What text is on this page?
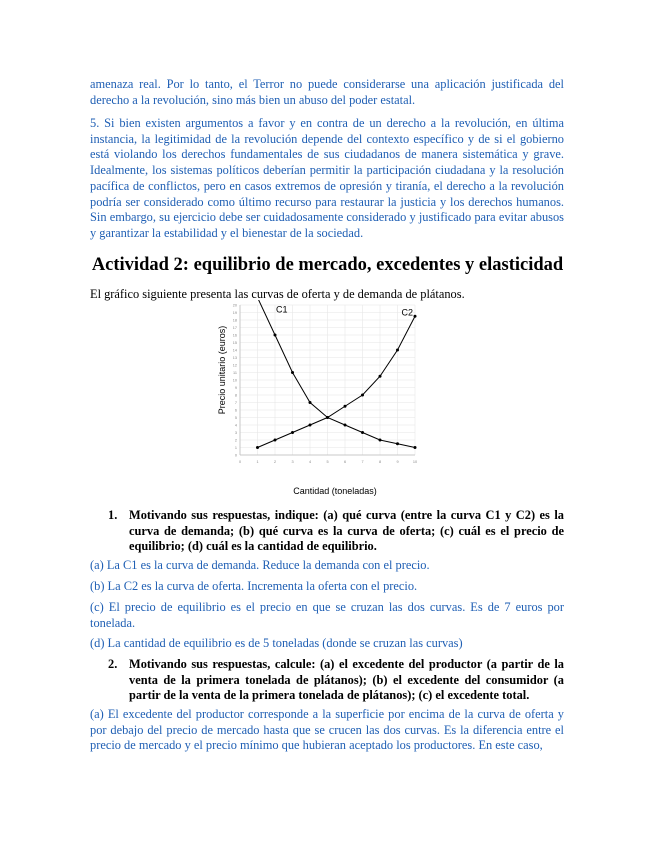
amenaza real. Por lo tanto, el Terror no puede considerarse una aplicación justificada del derecho a la revolución, sino más bien un abuso del poder estatal.

5. Si bien existen argumentos a favor y en contra de un derecho a la revolución, en última instancia, la legitimidad de la revolución depende del contexto específico y de si el gobierno está violando los derechos fundamentales de sus ciudadanos de manera sistemática y grave. Idealmente, los sistemas políticos deberían permitir la participación ciudadana y la resolución pacífica de conflictos, pero en casos extremos de opresión y tiranía, el derecho a la revolución podría ser considerado como último recurso para restaurar la justicia y los derechos humanos. Sin embargo, su ejercicio debe ser cuidadosamente considerado y justificado para evitar abusos y garantizar la estabilidad y el bienestar de la sociedad.

Actividad 2: equilibrio de mercado, excedentes y elasticidad

El gráfico siguiente presenta las curvas de oferta y de demanda de plátanos.

0
1
2
3
4
5
6
7
8
9
10
11
12
13
14
15
16
17
18
19
20
0	1	2	3	4	5	6	7	8	9	10
C1	C2
Precio unitario (euros)
Cantidad (toneladas)
1. Motivando sus respuestas, indique: (a) qué curva (entre la curva C1 y C2) es la curva de demanda; (b) qué curva es la curva de oferta; (c) cuál es el precio de equilibrio; (d) cuál es la cantidad de equilibrio.

(a) La C1 es la curva de demanda. Reduce la demanda con el precio.

(b) La C2 es la curva de oferta. Incrementa la oferta con el precio.

(c) El precio de equilibrio es el precio en que se cruzan las dos curvas. Es de 7 euros por tonelada.

(d) La cantidad de equilibrio es de 5 toneladas (donde se cruzan las curvas)

2. Motivando sus respuestas, calcule: (a) el excedente del productor (a partir de la venta de la primera tonelada de plátanos); (b) el excedente del consumidor (a partir de la venta de la primera tonelada de plátanos); (c) el excedente total.

(a) El excedente del productor corresponde a la superficie por encima de la curva de oferta y por debajo del precio de mercado hasta que se crucen las dos curvas. Es la diferencia entre el precio de mercado y el precio mínimo que hubieran aceptado los productores. En este caso,
